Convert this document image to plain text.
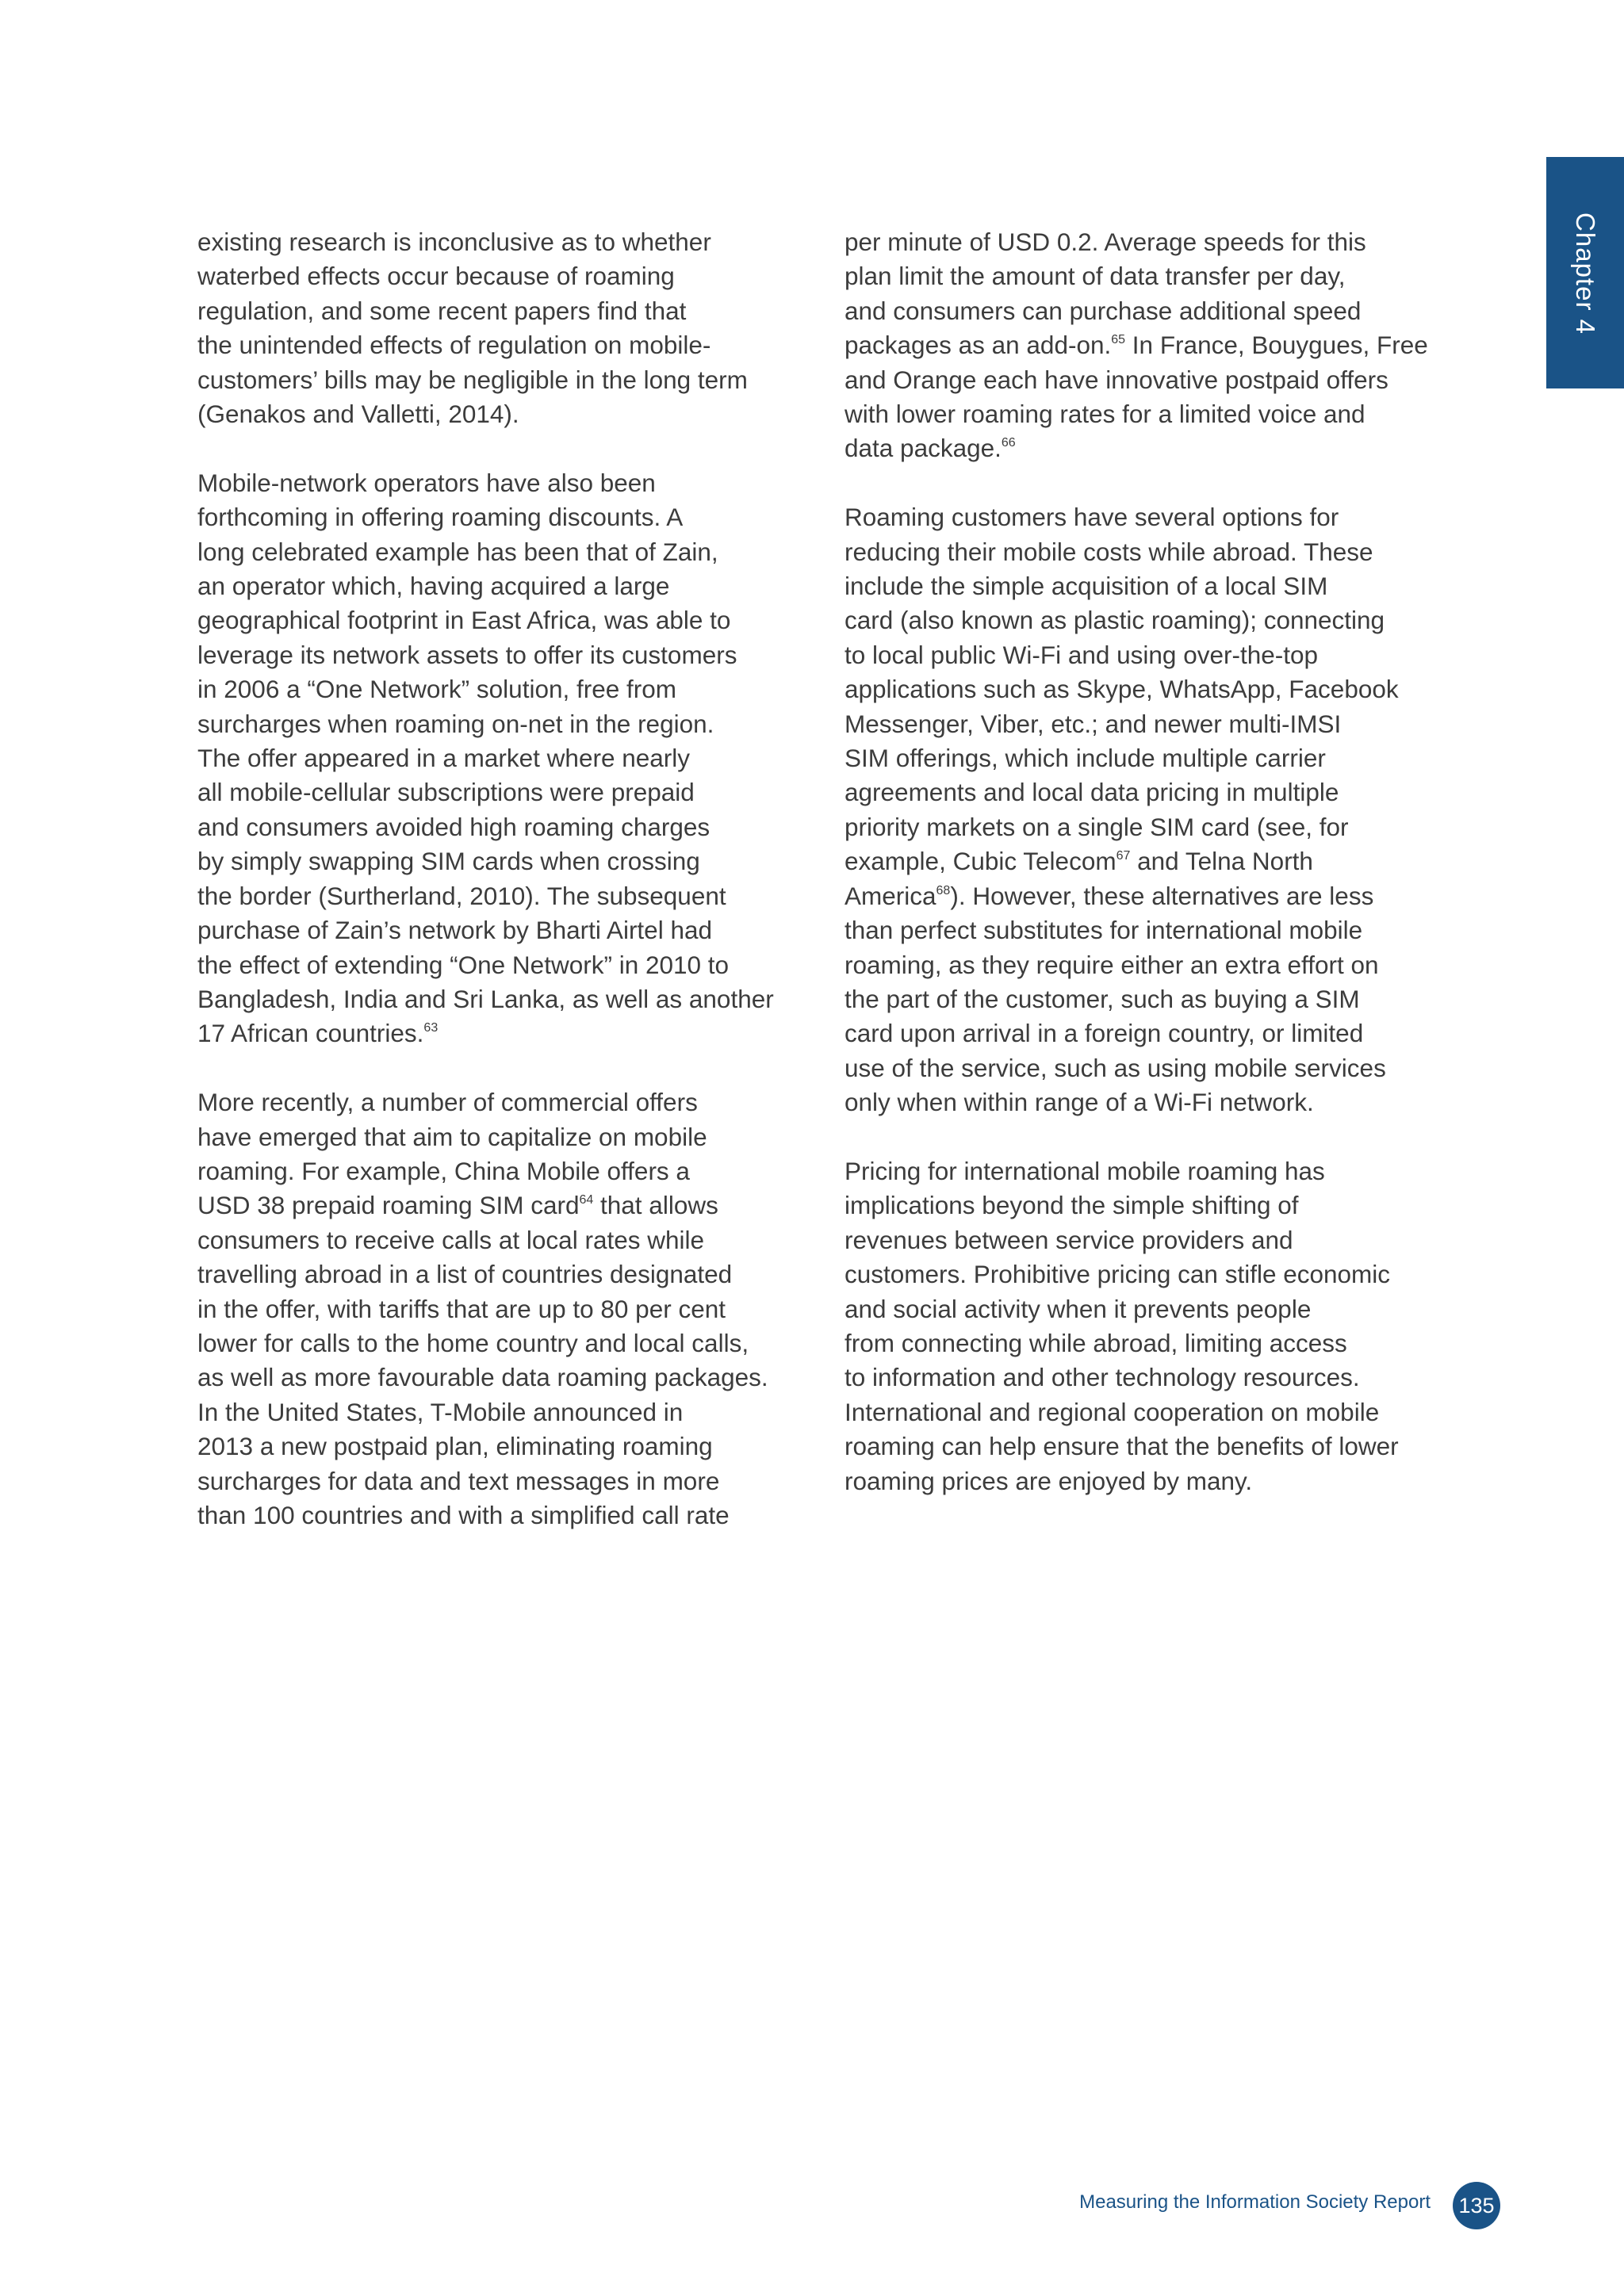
Chapter 4

existing research is inconclusive as to whether
waterbed effects occur because of roaming
regulation, and some recent papers find that
the unintended effects of regulation on mobile-
customers’ bills may be negligible in the long term
(Genakos and Valletti, 2014).

Mobile-network operators have also been
forthcoming in offering roaming discounts. A
long celebrated example has been that of Zain,
an operator which, having acquired a large
geographical footprint in East Africa, was able to
leverage its network assets to offer its customers
in 2006 a “One Network” solution, free from
surcharges when roaming on-net in the region.
The offer appeared in a market where nearly
all mobile-cellular subscriptions were prepaid
and consumers avoided high roaming charges
by simply swapping SIM cards when crossing
the border (Surtherland, 2010). The subsequent
purchase of Zain’s network by Bharti Airtel had
the effect of extending “One Network” in 2010 to
Bangladesh, India and Sri Lanka, as well as another
17 African countries.$^{63}$

More recently, a number of commercial offers
have emerged that aim to capitalize on mobile
roaming. For example, China Mobile offers a
USD 38 prepaid roaming SIM card$^{64}$ that allows
consumers to receive calls at local rates while
travelling abroad in a list of countries designated
in the offer, with tariffs that are up to 80 per cent
lower for calls to the home country and local calls,
as well as more favourable data roaming packages.
In the United States, T-Mobile announced in
2013 a new postpaid plan, eliminating roaming
surcharges for data and text messages in more
than 100 countries and with a simplified call rate

per minute of USD 0.2. Average speeds for this
plan limit the amount of data transfer per day,
and consumers can purchase additional speed
packages as an add-on.$^{65}$ In France, Bouygues, Free
and Orange each have innovative postpaid offers
with lower roaming rates for a limited voice and
data package.$^{66}$

Roaming customers have several options for
reducing their mobile costs while abroad. These
include the simple acquisition of a local SIM
card (also known as plastic roaming); connecting
to local public Wi-Fi and using over-the-top
applications such as Skype, WhatsApp, Facebook
Messenger, Viber, etc.; and newer multi-IMSI
SIM offerings, which include multiple carrier
agreements and local data pricing in multiple
priority markets on a single SIM card (see, for
example, Cubic Telecom$^{67}$ and Telna North
America$^{68}$). However, these alternatives are less
than perfect substitutes for international mobile
roaming, as they require either an extra effort on
the part of the customer, such as buying a SIM
card upon arrival in a foreign country, or limited
use of the service, such as using mobile services
only when within range of a Wi-Fi network.

Pricing for international mobile roaming has
implications beyond the simple shifting of
revenues between service providers and
customers. Prohibitive pricing can stifle economic
and social activity when it prevents people
from connecting while abroad, limiting access
to information and other technology resources.
International and regional cooperation on mobile
roaming can help ensure that the benefits of lower
roaming prices are enjoyed by many.

Measuring the Information Society Report 135
